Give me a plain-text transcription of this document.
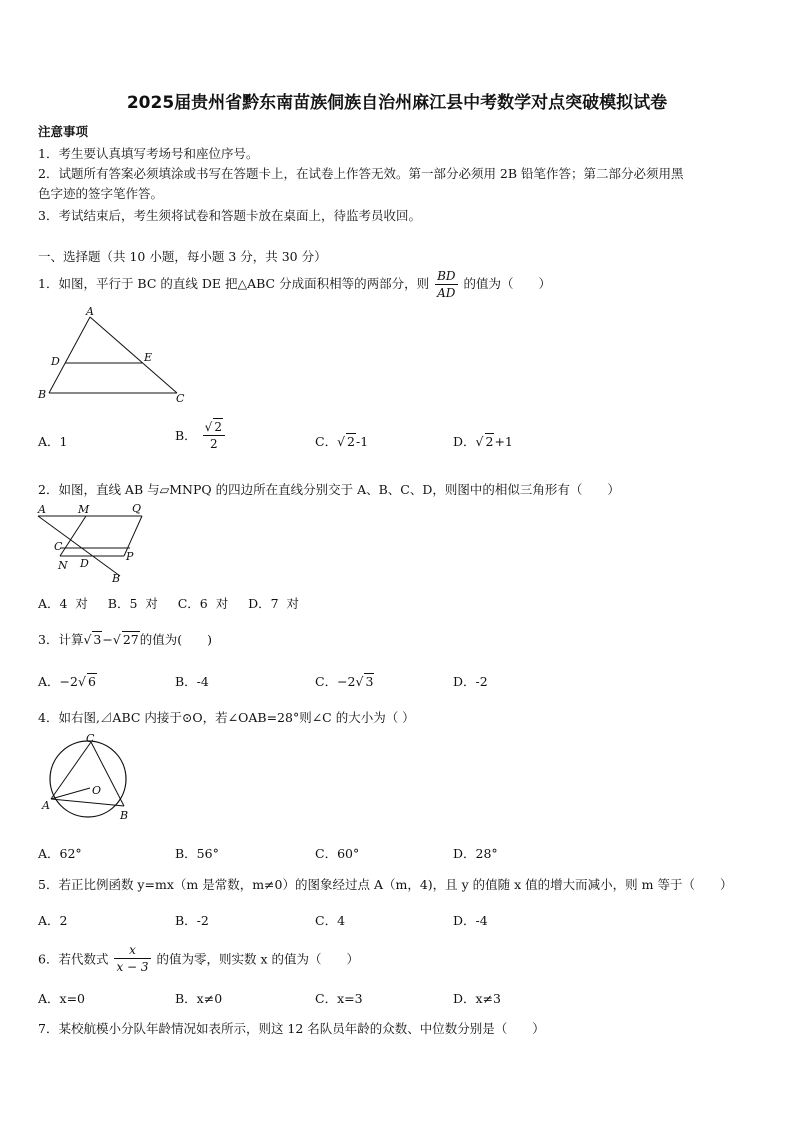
2025届贵州省黔东南苗族侗族自治州麻江县中考数学对点突破模拟试卷
注意事项
1．考生要认真填写考场号和座位序号。
2．试题所有答案必须填涂或书写在答题卡上，在试卷上作答无效。第一部分必须用 2B 铅笔作答；第二部分必须用黑
色字迹的签字笔作答。
3．考试结束后，考生须将试卷和答题卡放在桌面上，待监考员收回。
一、选择题（共 10 小题，每小题 3 分，共 30 分）
1．如图，平行于 BC 的直线 DE 把△ABC 分成面积相等的两部分，则 $\frac{BD}{AD}$ 的值为（　　）
A
D	E
B	C
A．1	B． $\frac{√ 2}{2}$	C．√ 2-1	D．√ 2+1
2．如图，直线 AB 与▱MNPQ 的四边所在直线分别交于 A、B、C、D，则图中的相似三角形有（　　）
A	M	Q
C
P
N D
B
A．4  对     B．5  对     C．6  对     D．7  对
3．计算√ 3−√ 27的值为(　　)
A．−2√ 6	B．-4	C．−2√ 3	D．-2
4．如右图,⊿ABC 内接于⊙O，若∠OAB=28°则∠C 的大小为（ ）
C
O
A
B
A．62°	B．56°	C．60°	D．28°
5．若正比例函数 y=mx（m 是常数，m≠0）的图象经过点 A（m，4)，且 y 的值随 x 值的增大而减小，则 m 等于（　　）
A．2	B．-2	C．4	D．-4
6．若代数式 $\frac{x}{x - 3}$ 的值为零，则实数 x 的值为（　　）
A．x=0	B．x≠0	C．x=3	D．x≠3
7．某校航模小分队年龄情况如表所示，则这 12 名队员年龄的众数、中位数分别是（　　）
